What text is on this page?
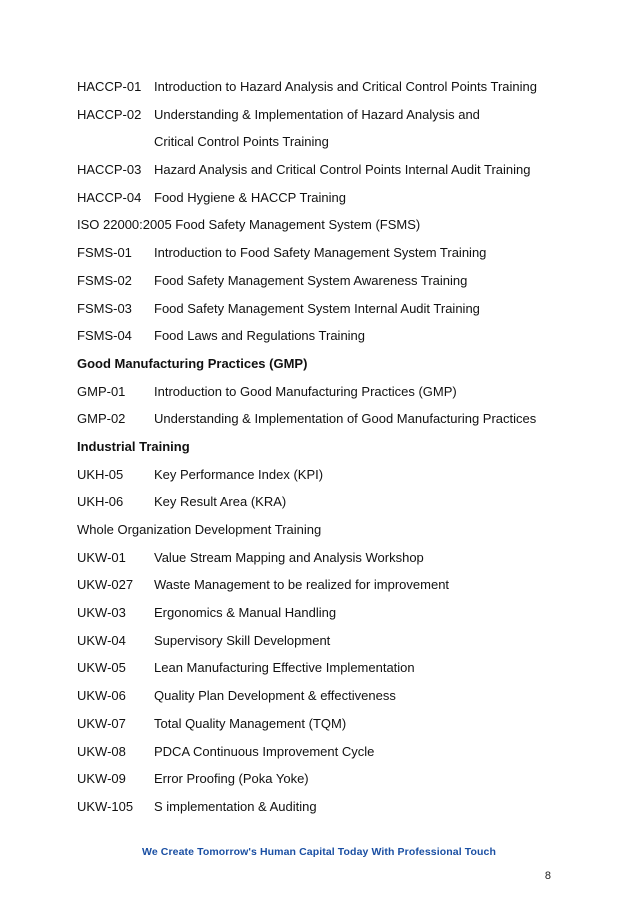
HACCP-01 Introduction to Hazard Analysis and Critical Control Points Training
HACCP-02 Understanding & Implementation of Hazard Analysis and
Critical Control Points Training
HACCP-03 Hazard Analysis and Critical Control Points Internal Audit Training
HACCP-04 Food Hygiene & HACCP Training
ISO 22000:2005 Food Safety Management System (FSMS)
FSMS-01 Introduction to Food Safety Management System Training
FSMS-02 Food Safety Management System Awareness Training
FSMS-03 Food Safety Management System Internal Audit Training
FSMS-04 Food Laws and Regulations Training
Good Manufacturing Practices (GMP)
GMP-01 Introduction to Good Manufacturing Practices (GMP)
GMP-02 Understanding & Implementation of Good Manufacturing Practices
Industrial Training
UKH-05 Key Performance Index (KPI)
UKH-06 Key Result Area (KRA)
Whole Organization Development Training
UKW-01 Value Stream Mapping and Analysis Workshop
UKW-027 Waste Management to be realized for improvement
UKW-03 Ergonomics & Manual Handling
UKW-04 Supervisory Skill Development
UKW-05 Lean Manufacturing Effective Implementation
UKW-06 Quality Plan Development & effectiveness
UKW-07 Total Quality Management (TQM)
UKW-08 PDCA Continuous Improvement Cycle
UKW-09 Error Proofing (Poka Yoke)
UKW-105 S implementation & Auditing
We Create Tomorrow's Human Capital Today With Professional Touch
8
